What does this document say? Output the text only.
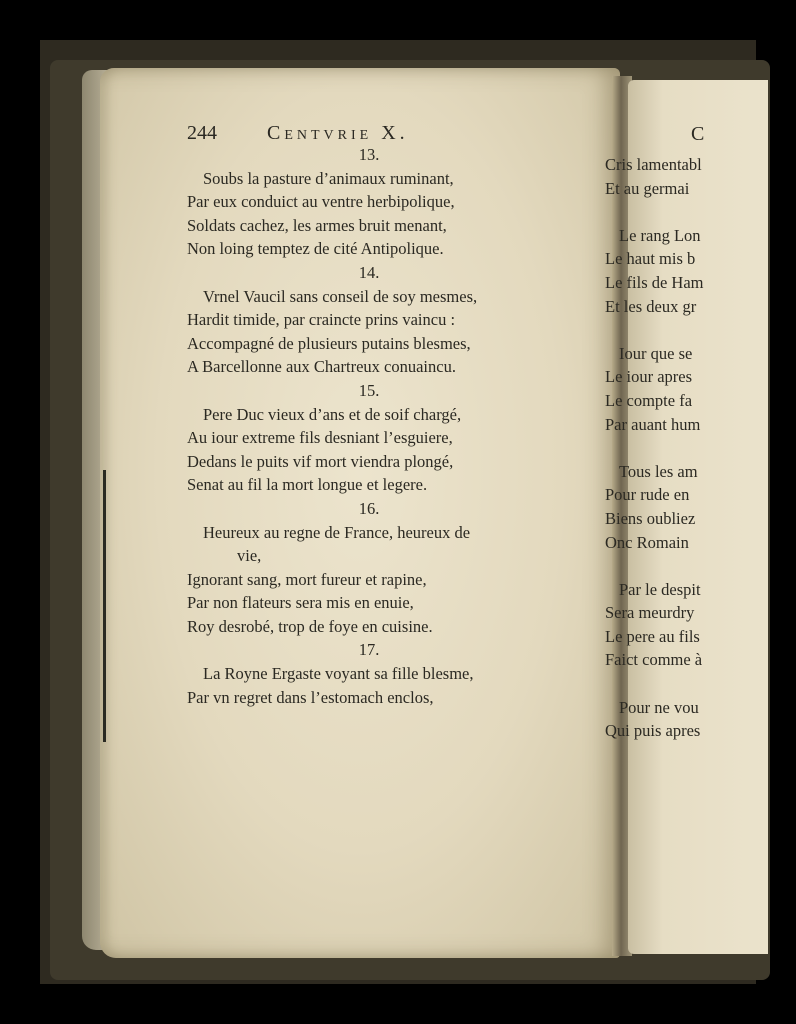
244	Centvrie X.
13.
Soubs la pasture d’animaux ruminant,
Par eux conduict au ventre herbipolique,
Soldats cachez, les armes bruit menant,
Non loing temptez de cité Antipolique.
14.
Vrnel Vaucil sans conseil de soy mesmes,
Hardit timide, par craincte prins vaincu :
Accompagné de plusieurs putains blesmes,
A Barcellonne aux Chartreux conuaincu.
15.
Pere Duc vieux d’ans et de soif chargé,
Au iour extreme fils desniant l’esguiere,
Dedans le puits vif mort viendra plongé,
Senat au fil la mort longue et legere.
16.
Heureux au regne de France, heureux de
vie,
Ignorant sang, mort fureur et rapine,
Par non flateurs sera mis en enuie,
Roy desrobé, trop de foye en cuisine.
17.
La Royne Ergaste voyant sa fille blesme,
Par vn regret dans l’estomach enclos,
C
Cris lamentabl
Et au germai
Le rang Lon
Le haut mis b
Le fils de Ham
Et les deux gr
Iour que se
Le iour apres
Le compte fa
Par auant hum
Tous les am
Pour rude en
Biens oubliez
Onc Romain
Par le despit
Sera meurdry
Le pere au fils
Faict comme à
Pour ne vou
Qui puis apres
